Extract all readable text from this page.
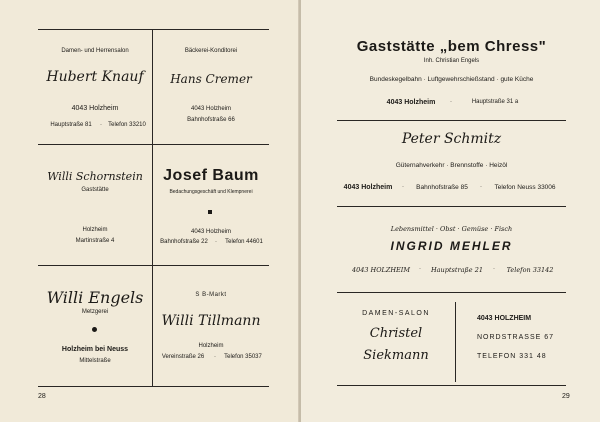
Damen- und Herrensalon
Hubert Knauf
4043 Holzheim
Hauptstraße 81	·	Telefon 33210
Bäckerei-Konditorei
Hans Cremer
4043 Holzheim
Bahnhofstraße 66
Willi Schornstein
Gaststätte
Holzheim
Martinstraße 4
Josef Baum
Bedachungsgeschäft und Klempnerei
4043 Holzheim
Bahnhofstraße 22	·	Telefon 44601
Willi Engels
Metzgerei
Holzheim bei Neuss
Mittelstraße
S B-Markt
Willi Tillmann
Holzheim
Vereinstraße 26	·	Telefon 35037
28
Gaststätte „bem Chress"
Inh. Christian Engels
Bundeskegelbahn · Luftgewehrschießstand · gute Küche
4043 Holzheim	·	Hauptstraße 31 a
Peter Schmitz
Güternahverkehr · Brennstoffe · Heizöl
4043 Holzheim	·	Bahnhofstraße 85	·	Telefon Neuss 33006
Lebensmittel · Obst · Gemüse · Fisch
INGRID MEHLER
4043 HOLZHEIM	·	Hauptstraße 21	·	Telefon 33142
DAMEN-SALON
Christel
Siekmann
4043 HOLZHEIM
NORDSTRASSE 67
TELEFON 331 48
29
